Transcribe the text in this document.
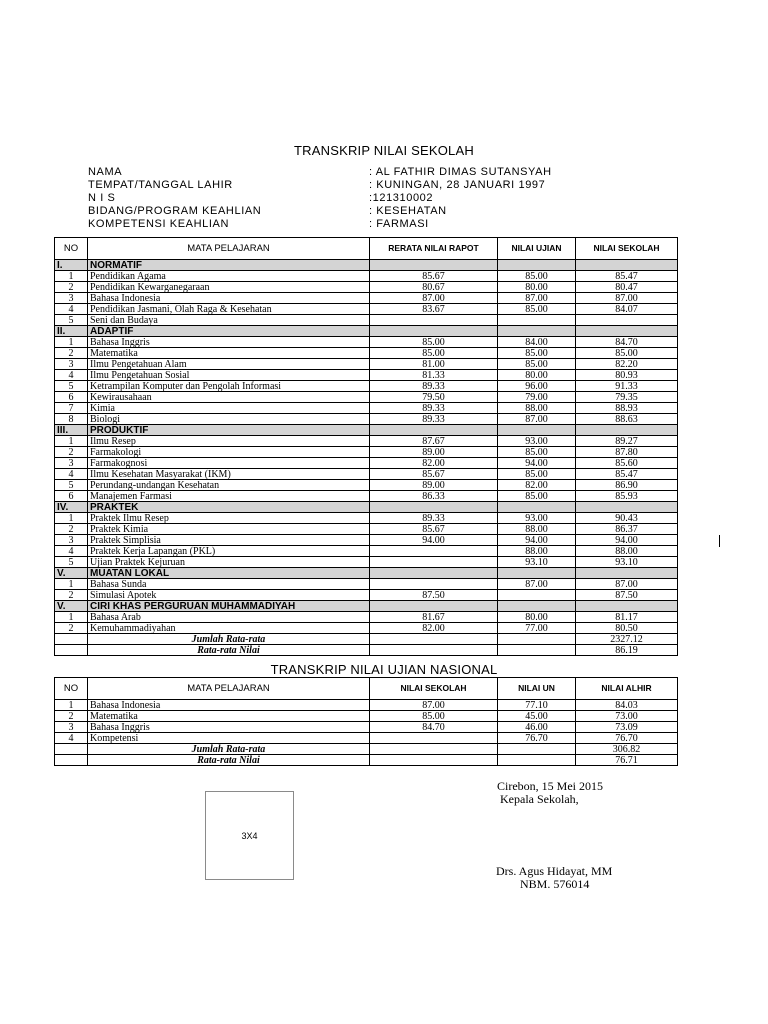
TRANSKRIP NILAI SEKOLAH
NAMA	: AL FATHIR DIMAS SUTANSYAH
TEMPAT/TANGGAL LAHIR	: KUNINGAN, 28 JANUARI 1997
N I S	:121310002
BIDANG/PROGRAM KEAHLIAN	: KESEHATAN
KOMPETENSI KEAHLIAN	: FARMASI
NO	MATA PELAJARAN	RERATA NILAI RAPOT	NILAI UJIAN	NILAI SEKOLAH
I.	NORMATIF			
1	Pendidikan Agama	85.67	85.00	85.47
2	Pendidikan Kewarganegaraan	80.67	80.00	80.47
3	Bahasa Indonesia	87.00	87.00	87.00
4	Pendidikan Jasmani, Olah Raga & Kesehatan	83.67	85.00	84.07
5	Seni dan Budaya			
II.	ADAPTIF			
1	Bahasa Inggris	85.00	84.00	84.70
2	Matematika	85.00	85.00	85.00
3	Ilmu Pengetahuan Alam	81.00	85.00	82.20
4	Ilmu Pengetahuan Sosial	81.33	80.00	80.93
5	Ketrampilan Komputer dan Pengolah Informasi	89.33	96.00	91.33
6	Kewirausahaan	79.50	79.00	79.35
7	Kimia	89.33	88.00	88.93
8	Biologi	89.33	87.00	88.63
III.	PRODUKTIF			
1	Ilmu Resep	87.67	93.00	89.27
2	Farmakologi	89.00	85.00	87.80
3	Farmakognosi	82.00	94.00	85.60
4	Ilmu Kesehatan Masyarakat (IKM)	85.67	85.00	85.47
5	Perundang-undangan Kesehatan	89.00	82.00	86.90
6	Manajemen Farmasi	86.33	85.00	85.93
IV.	PRAKTEK			
1	Praktek Ilmu Resep	89.33	93.00	90.43
2	Praktek Kimia	85.67	88.00	86.37
3	Praktek Simplisia	94.00	94.00	94.00
4	Praktek Kerja Lapangan (PKL)		88.00	88.00
5	Ujian Praktek Kejuruan		93.10	93.10
V.	MUATAN LOKAL			
1	Bahasa Sunda		87.00	87.00
2	Simulasi Apotek	87.50		87.50
V.	CIRI KHAS PERGURUAN MUHAMMADIYAH			
1	Bahasa Arab	81.67	80.00	81.17
2	Kemuhammadiyahan	82.00	77.00	80.50
	Jumlah Rata-rata			2327.12
	Rata-rata Nilai			86.19
TRANSKRIP NILAI UJIAN NASIONAL
NO	MATA PELAJARAN	NILAI SEKOLAH	NILAI UN	NILAI ALHIR
1	Bahasa Indonesia	87.00	77.10	84.03
2	Matematika	85.00	45.00	73.00
3	Bahasa Inggris	84.70	46.00	73.09
4	Kompetensi		76.70	76.70
	Jumlah Rata-rata			306.82
	Rata-rata Nilai			76.71
3X4
Cirebon, 15 Mei 2015
Kepala Sekolah,
Drs. Agus Hidayat, MM
NBM. 576014
